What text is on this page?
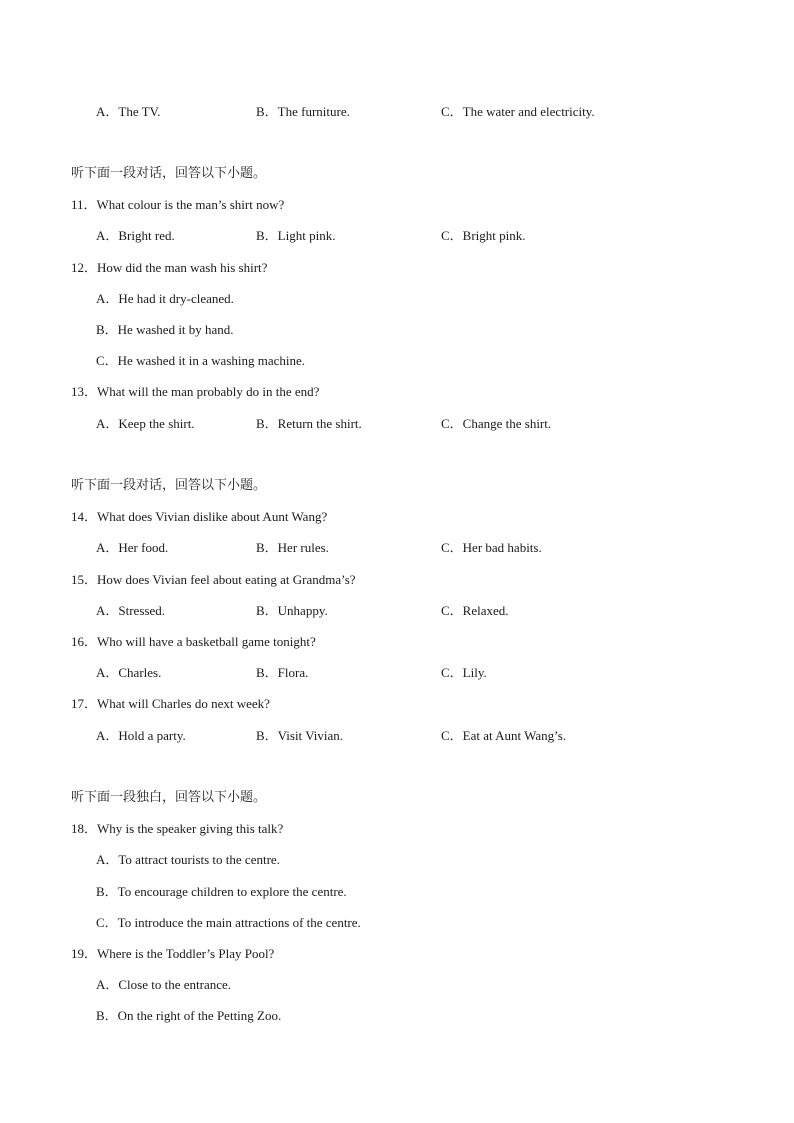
A．The TV.	B．The furniture.	C．The water and electricity.
听下面一段对话，回答以下小题。
11．What colour is the man’s shirt now?
A．Bright red.	B．Light pink.	C．Bright pink.
12．How did the man wash his shirt?
A．He had it dry-cleaned.
B．He washed it by hand.
C．He washed it in a washing machine.
13．What will the man probably do in the end?
A．Keep the shirt.	B．Return the shirt.	C．Change the shirt.
听下面一段对话，回答以下小题。
14．What does Vivian dislike about Aunt Wang?
A．Her food.	B．Her rules.	C．Her bad habits.
15．How does Vivian feel about eating at Grandma’s?
A．Stressed.	B．Unhappy.	C．Relaxed.
16．Who will have a basketball game tonight?
A．Charles.	B．Flora.	C．Lily.
17．What will Charles do next week?
A．Hold a party.	B．Visit Vivian.	C．Eat at Aunt Wang’s.
听下面一段独白，回答以下小题。
18．Why is the speaker giving this talk?
A．To attract tourists to the centre.
B．To encourage children to explore the centre.
C．To introduce the main attractions of the centre.
19．Where is the Toddler’s Play Pool?
A．Close to the entrance.
B．On the right of the Petting Zoo.
